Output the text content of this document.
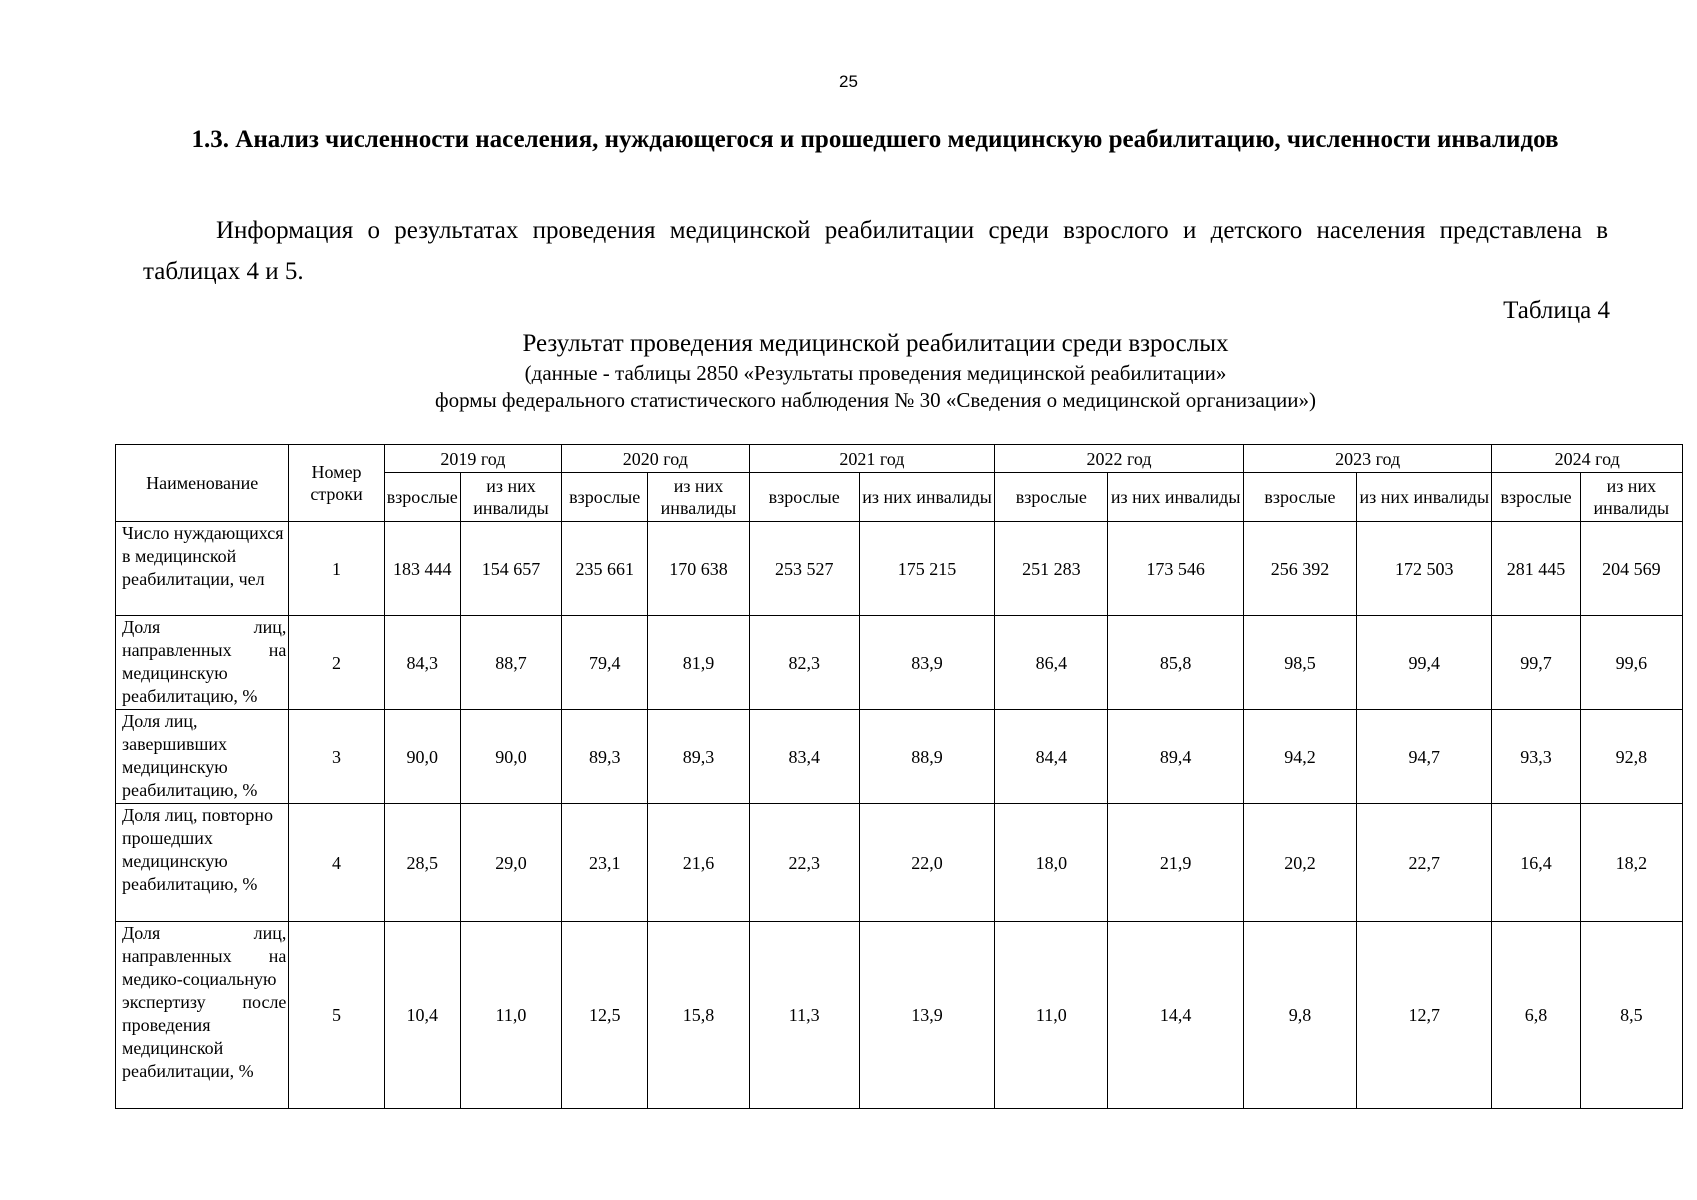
25
1.3. Анализ численности населения, нуждающегося и прошедшего медицинскую реабилитацию, численности инвалидов
Информация о результатах проведения медицинской реабилитации среди взрослого и детского населения представлена в таблицах 4 и 5.
Таблица 4
Результат проведения медицинской реабилитации среди взрослых
(данные - таблицы 2850 «Результаты проведения медицинской реабилитации»
формы федерального статистического наблюдения № 30 «Сведения о медицинской организации»)
Наименование	Номер строки	2019 год		2020 год		2021 год		2022 год		2023 год		2024 год	
		взрослые	из них инвалиды	взрослые	из них инвалиды	взрослые	из них инвалиды	взрослые	из них инвалиды	взрослые	из них инвалиды	взрослые	из них инвалиды
Число нуждающихся в медицинской реабилитации, чел	1	183 444	154 657	235 661	170 638	253 527	175 215	251 283	173 546	256 392	172 503	281 445	204 569
Доля лиц, направленных на медицинскую реабилитацию, %	2	84,3	88,7	79,4	81,9	82,3	83,9	86,4	85,8	98,5	99,4	99,7	99,6
Доля лиц, завершивших медицинскую реабилитацию, %	3	90,0	90,0	89,3	89,3	83,4	88,9	84,4	89,4	94,2	94,7	93,3	92,8
Доля лиц, повторно прошедших медицинскую реабилитацию, %	4	28,5	29,0	23,1	21,6	22,3	22,0	18,0	21,9	20,2	22,7	16,4	18,2
Доля лиц, направленных на медико-социальную экспертизу после проведения медицинской реабилитации, %	5	10,4	11,0	12,5	15,8	11,3	13,9	11,0	14,4	9,8	12,7	6,8	8,5
